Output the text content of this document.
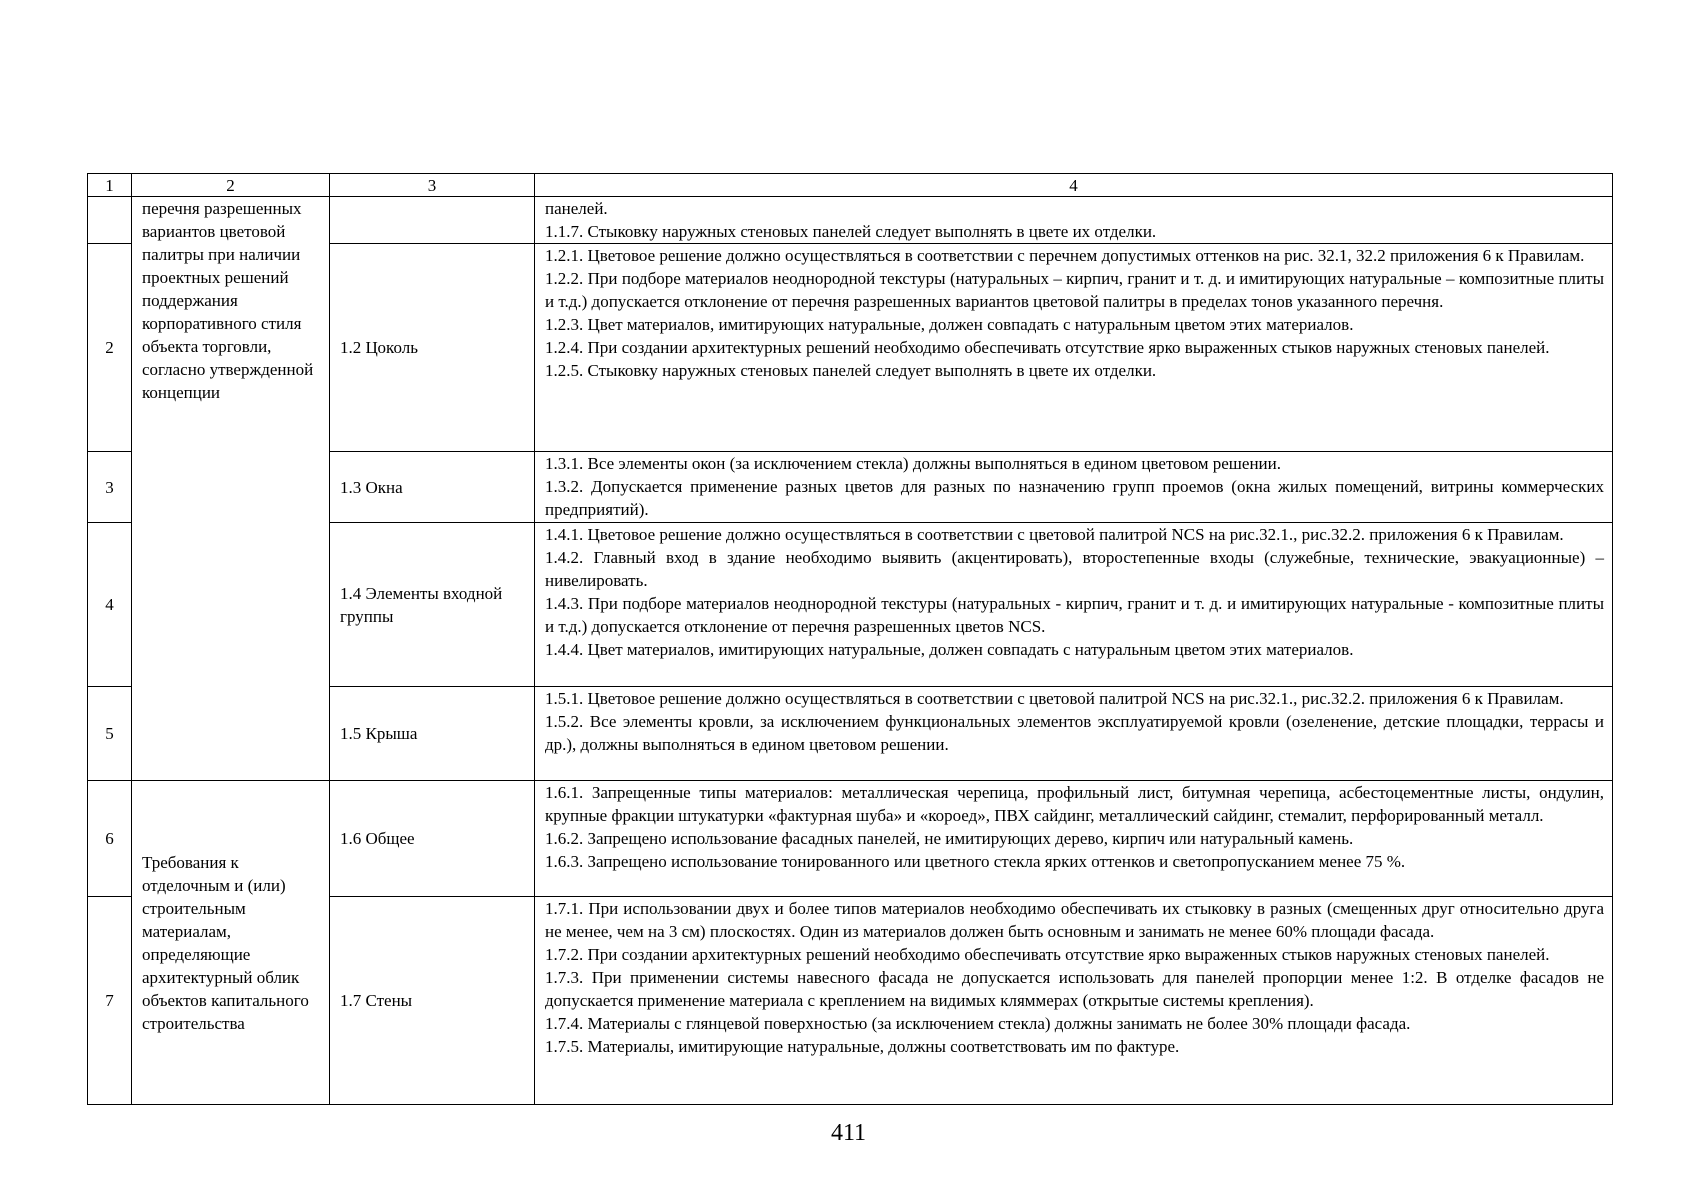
1	2	3	4
	перечня разрешенных вариантов цветовой палитры при наличии проектных решений поддержания корпоративного стиля объекта торговли, согласно утвержденной концепции		панелей.

1.1.7. Стыковку наружных стеновых панелей следует выполнять в цвете их отделки.

2		1.2 Цоколь	1.2.1. Цветовое решение должно осуществляться в соответствии с перечнем допустимых оттенков на рис. 32.1, 32.2 приложения 6 к Правилам.

1.2.2. При подборе материалов неоднородной текстуры (натуральных – кирпич, гранит и т. д. и имитирующих натуральные – композитные плиты и т.д.) допускается отклонение от перечня разрешенных вариантов цветовой палитры в пределах тонов указанного перечня.

1.2.3. Цвет материалов, имитирующих натуральные, должен совпадать с натуральным цветом этих материалов.

1.2.4. При создании архитектурных решений необходимо обеспечивать отсутствие ярко выраженных стыков наружных стеновых панелей.

1.2.5. Стыковку наружных стеновых панелей следует выполнять в цвете их отделки.

3		1.3 Окна	1.3.1. Все элементы окон (за исключением стекла) должны выполняться в едином цветовом решении.

1.3.2. Допускается применение разных цветов для разных по назначению групп проемов (окна жилых помещений, витрины коммерческих предприятий).

4		1.4 Элементы входной группы	1.4.1. Цветовое решение должно осуществляться в соответствии с цветовой палитрой NCS на рис.32.1., рис.32.2. приложения 6 к Правилам.

1.4.2. Главный вход в здание необходимо выявить (акцентировать), второстепенные входы (служебные, технические, эвакуационные) – нивелировать.

1.4.3. При подборе материалов неоднородной текстуры (натуральных - кирпич, гранит и т. д. и имитирующих натуральные - композитные плиты и т.д.) допускается отклонение от перечня разрешенных цветов NCS.

1.4.4. Цвет материалов, имитирующих натуральные, должен совпадать с натуральным цветом этих материалов.

5		1.5 Крыша	1.5.1. Цветовое решение должно осуществляться в соответствии с цветовой палитрой NCS на рис.32.1., рис.32.2. приложения 6 к Правилам.

1.5.2. Все элементы кровли, за исключением функциональных элементов эксплуатируемой кровли (озеленение, детские площадки, террасы и др.), должны выполняться в едином цветовом решении.

6	Требования к отделочным и (или) строительным материалам, определяющие архитектурный облик объектов капитального строительства	1.6 Общее	1.6.1. Запрещенные типы материалов: металлическая черепица, профильный лист, битумная черепица, асбестоцементные листы, ондулин, крупные фракции штукатурки «фактурная шуба» и «короед», ПВХ сайдинг, металлический сайдинг, стемалит, перфорированный металл.

1.6.2. Запрещено использование фасадных панелей, не имитирующих дерево, кирпич или натуральный камень.

1.6.3. Запрещено использование тонированного или цветного стекла ярких оттенков и светопропусканием менее 75 %.

7		1.7 Стены	1.7.1. При использовании двух и более типов материалов необходимо обеспечивать их стыковку в разных (смещенных друг относительно друга не менее, чем на 3 см) плоскостях. Один из материалов должен быть основным и занимать не менее 60% площади фасада.

1.7.2. При создании архитектурных решений необходимо обеспечивать отсутствие ярко выраженных стыков наружных стеновых панелей.

1.7.3. При применении системы навесного фасада не допускается использовать для панелей пропорции менее 1:2. В отделке фасадов не допускается применение материала с креплением на видимых кляммерах (открытые системы крепления).

1.7.4. Материалы с глянцевой поверхностью (за исключением стекла) должны занимать не более 30% площади фасада.

1.7.5. Материалы, имитирующие натуральные, должны соответствовать им по фактуре.

411
